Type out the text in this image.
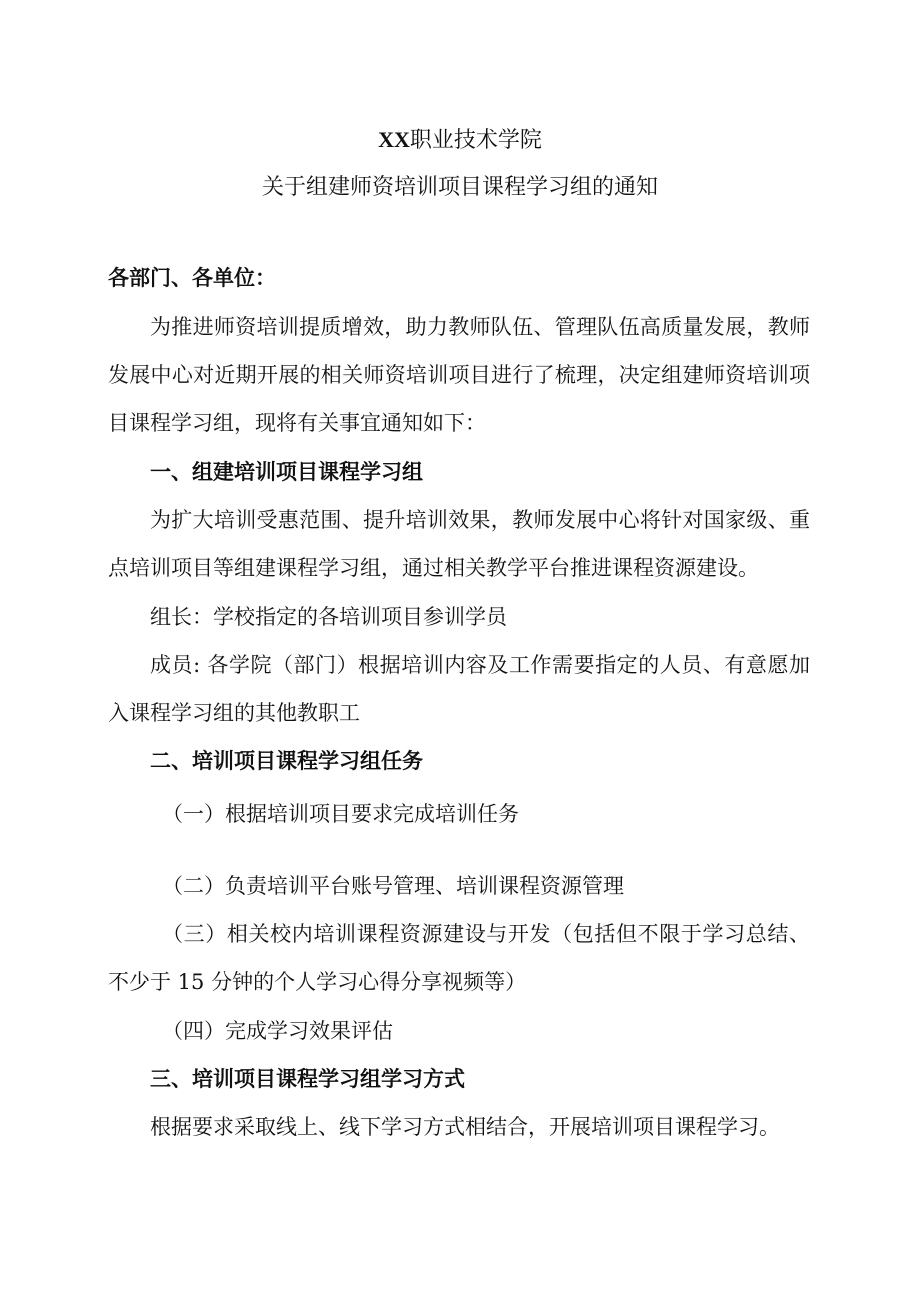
XX职业技术学院
关于组建师资培训项目课程学习组的通知
各部门、各单位：
为推进师资培训提质增效，助力教师队伍、管理队伍高质量发展，教师
发展中心对近期开展的相关师资培训项目进行了梳理，决定组建师资培训项
目课程学习组，现将有关事宜通知如下：
一、组建培训项目课程学习组
为扩大培训受惠范围、提升培训效果，教师发展中心将针对国家级、重
点培训项目等组建课程学习组，通过相关教学平台推进课程资源建设。
组长：学校指定的各培训项目参训学员
成员: 各学院（部门）根据培训内容及工作需要指定的人员、有意愿加
入课程学习组的其他教职工
二、培训项目课程学习组任务
（一）根据培训项目要求完成培训任务
（二）负责培训平台账号管理、培训课程资源管理
（三）相关校内培训课程资源建设与开发（包括但不限于学习总结、
不少于 15 分钟的个人学习心得分享视频等）
（四）完成学习效果评估
三、培训项目课程学习组学习方式
根据要求采取线上、线下学习方式相结合，开展培训项目课程学习。
